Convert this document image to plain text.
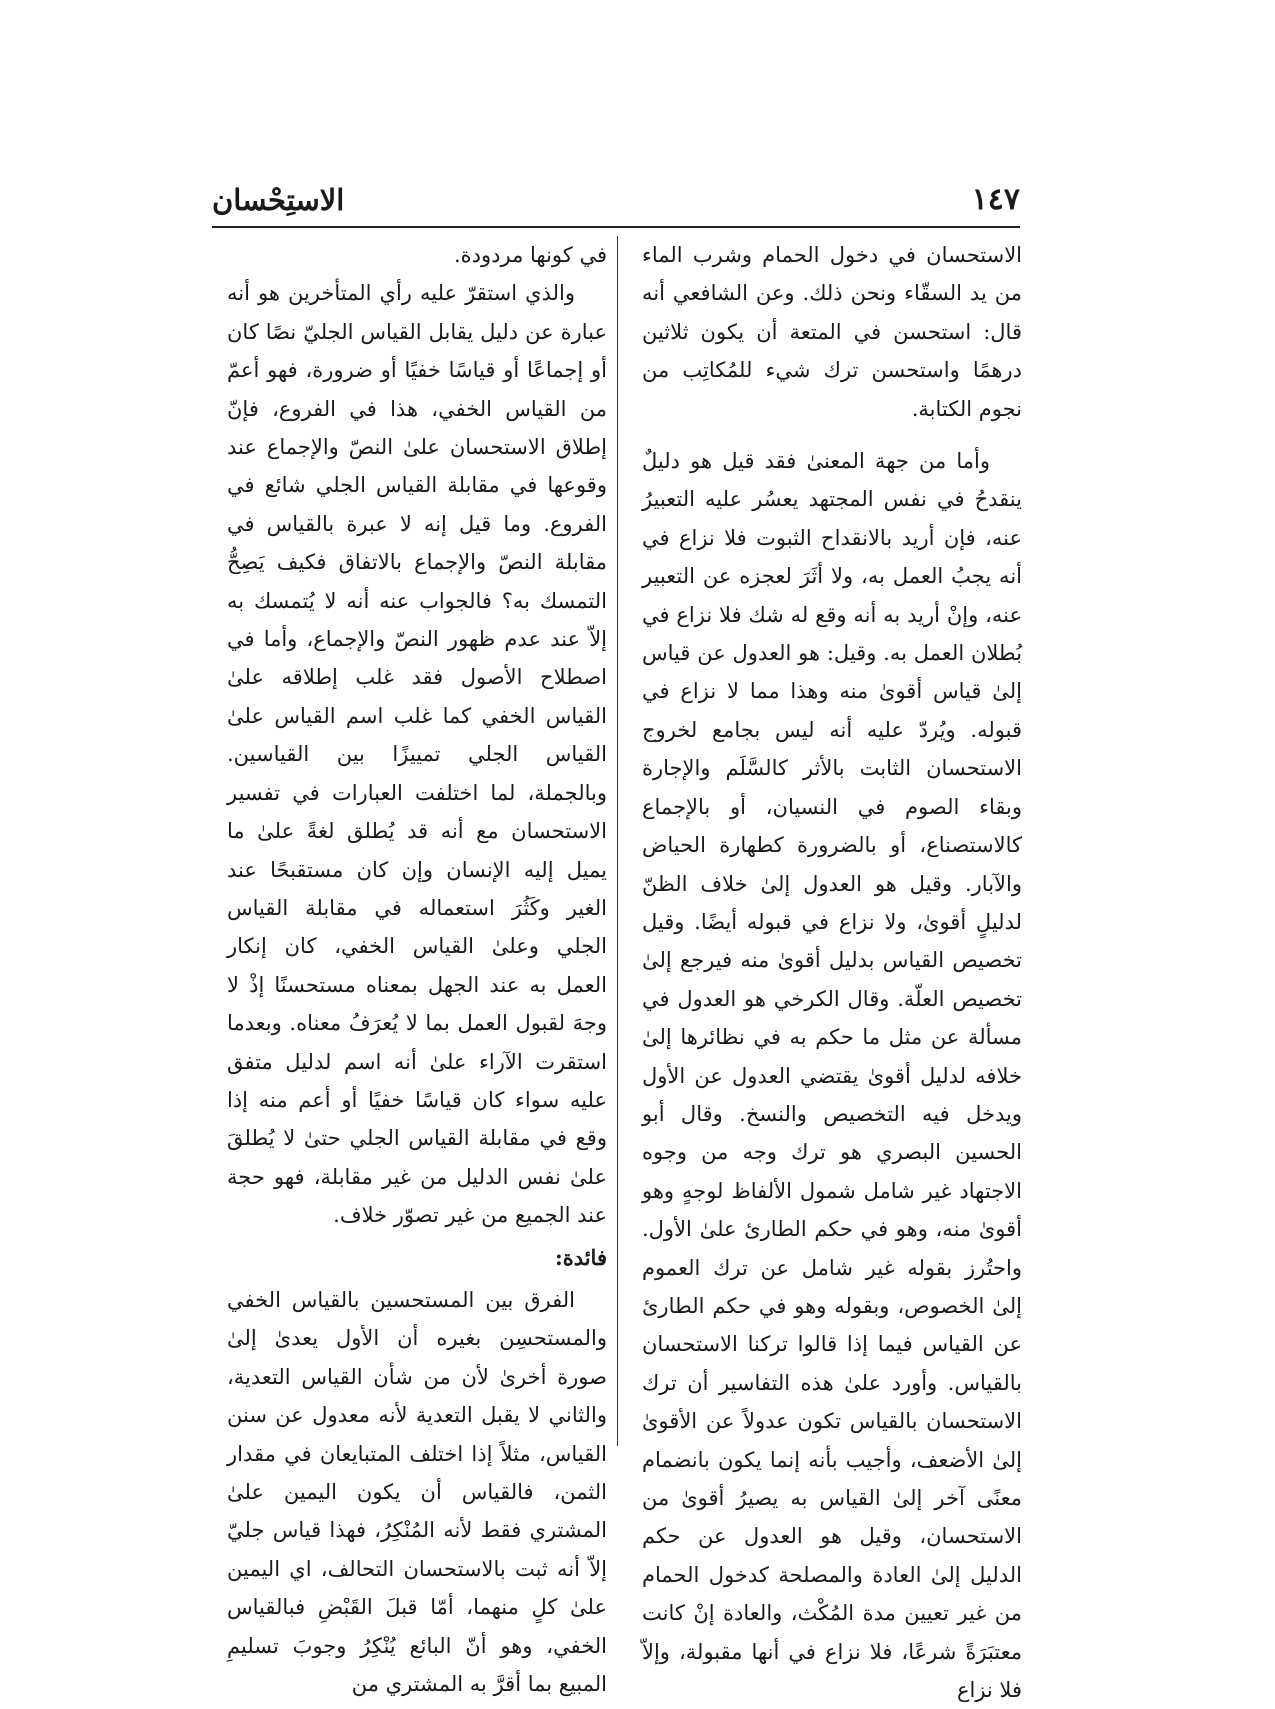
١٤٧
الاستِحْسان

الاستحسان في دخول الحمام وشرب الماء من يد السقّاء ونحن ذلك. وعن الشافعي أنه قال: استحسن في المتعة أن يكون ثلاثين درهمًا واستحسن ترك شيء للمُكاتِب من نجوم الكتابة.

وأما من جهة المعنىٰ فقد قيل هو دليلٌ ينقدحُ في نفس المجتهد يعسُر عليه التعبيرُ عنه، فإن أريد بالانقداح الثبوت فلا نزاع في أنه يجبُ العمل به، ولا أثَرَ لعجزه عن التعبير عنه، وإنْ أريد به أنه وقع له شك فلا نزاع في بُطلان العمل به. وقيل: هو العدول عن قياس إلىٰ قياس أقوىٰ منه وهذا مما لا نزاع في قبوله. ويُردّ عليه أنه ليس بجامع لخروج الاستحسان الثابت بالأثر كالسَّلَم والإجارة وبقاء الصوم في النسيان، أو بالإجماع كالاستصناع، أو بالضرورة كطهارة الحياض والآبار. وقيل هو العدول إلىٰ خلاف الظنّ لدليلٍ أقوىٰ، ولا نزاع في قبوله أيضًا. وقيل تخصيص القياس بدليل أقوىٰ منه فيرجع إلىٰ تخصيص العلّة. وقال الكرخي هو العدول في مسألة عن مثل ما حكم به في نظائرها إلىٰ خلافه لدليل أقوىٰ يقتضي العدول عن الأول ويدخل فيه التخصيص والنسخ. وقال أبو الحسين البصري هو ترك وجه من وجوه الاجتهاد غير شامل شمول الألفاظ لوجهٍ وهو أقوىٰ منه، وهو في حكم الطارئ علىٰ الأول. واحتُرز بقوله غير شامل عن ترك العموم إلىٰ الخصوص، وبقوله وهو في حكم الطارئ عن القياس فيما إذا قالوا تركنا الاستحسان بالقياس. وأورد علىٰ هذه التفاسير أن ترك الاستحسان بالقياس تكون عدولاً عن الأقوىٰ إلىٰ الأضعف، وأجيب بأنه إنما يكون بانضمام معنًى آخر إلىٰ القياس به يصيرُ أقوىٰ من الاستحسان، وقيل هو العدول عن حكم الدليل إلىٰ العادة والمصلحة كدخول الحمام من غير تعيين مدة المُكْث، والعادة إنْ كانت معتبَرَةً شرعًا، فلا نزاع في أنها مقبولة، وإلاّ فلا نزاع

في كونها مردودة.

والذي استقرّ عليه رأي المتأخرين هو أنه عبارة عن دليل يقابل القياس الجليّ نصًا كان أو إجماعًا أو قياسًا خفيًا أو ضرورة، فهو أعمّ من القياس الخفي، هذا في الفروع، فإنّ إطلاق الاستحسان علىٰ النصّ والإجماع عند وقوعها في مقابلة القياس الجلي شائع في الفروع. وما قيل إنه لا عبرة بالقياس في مقابلة النصّ والإجماع بالاتفاق فكيف يَصِحُّ التمسك به؟ فالجواب عنه أنه لا يُتمسك به إلاّ عند عدم ظهور النصّ والإجماع، وأما في اصطلاح الأصول فقد غلب إطلاقه علىٰ القياس الخفي كما غلب اسم القياس علىٰ القياس الجلي تمييزًا بين القياسين. وبالجملة، لما اختلفت العبارات في تفسير الاستحسان مع أنه قد يُطلق لغةً علىٰ ما يميل إليه الإنسان وإن كان مستقبحًا عند الغير وكَثُرَ استعماله في مقابلة القياس الجلي وعلىٰ القياس الخفي، كان إنكار العمل به عند الجهل بمعناه مستحسنًا إذْ لا وجهَ لقبول العمل بما لا يُعرَفُ معناه. وبعدما استقرت الآراء علىٰ أنه اسم لدليل متفق عليه سواء كان قياسًا خفيًا أو أعم منه إذا وقع في مقابلة القياس الجلي حتىٰ لا يُطلقَ علىٰ نفس الدليل من غير مقابلة، فهو حجة عند الجميع من غير تصوّر خلاف.

فائدة:

الفرق بين المستحسين بالقياس الخفي والمستحسِن بغيره أن الأول يعدىٰ إلىٰ صورة أخرىٰ لأن من شأن القياس التعدية، والثاني لا يقبل التعدية لأنه معدول عن سنن القياس، مثلاً إذا اختلف المتبايعان في مقدار الثمن، فالقياس أن يكون اليمين علىٰ المشتري فقط لأنه المُنْكِرُ، فهذا قياس جليّ إلاّ أنه ثبت بالاستحسان التحالف، اي اليمين علىٰ كلٍ منهما، أمّا قبلَ القَبْضِ فبالقياس الخفي، وهو أنّ البائع يُنْكِرُ وجوبَ تسليمِ المبيع بما أقرَّ به المشتري من
